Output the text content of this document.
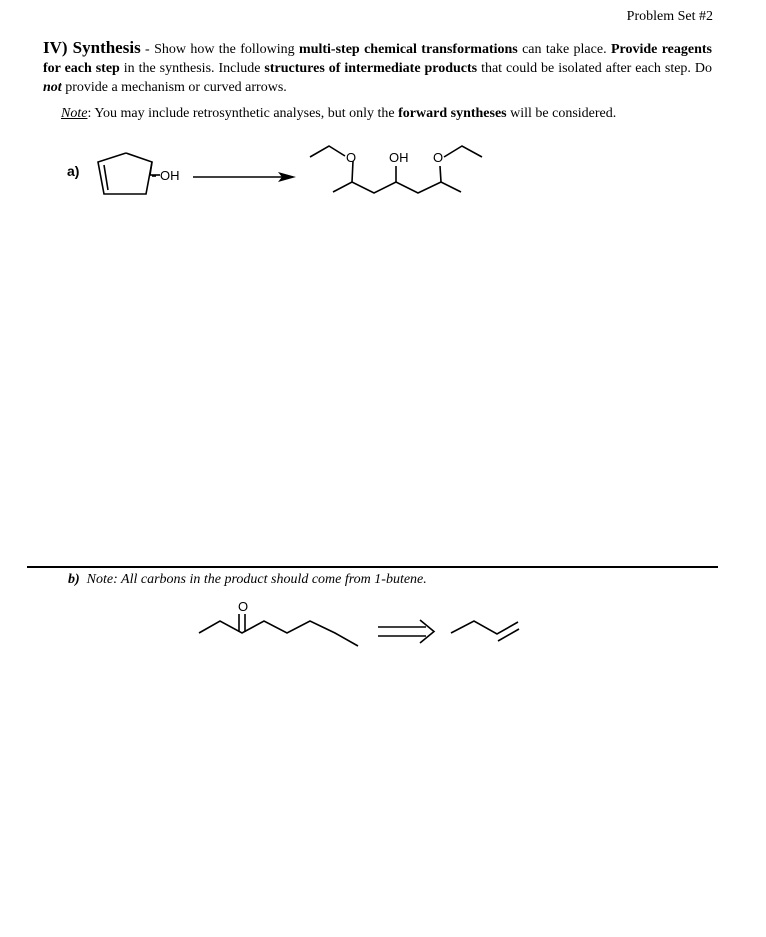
Problem Set #2
IV) Synthesis - Show how the following multi-step chemical transformations can take place. Provide reagents for each step in the synthesis. Include structures of intermediate products that could be isolated after each step. Do not provide a mechanism or curved arrows.
Note: You may include retrosynthetic analyses, but only the forward syntheses will be considered.
a)	OH
O	OH O
b) Note: All carbons in the product should come from 1-butene.
O
